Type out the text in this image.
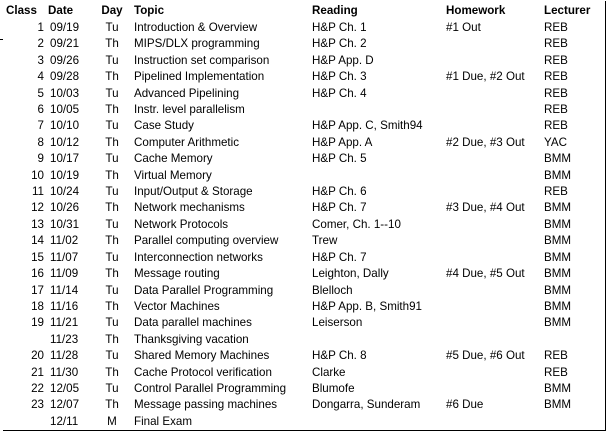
Class	Date	Day	Topic	Reading	Homework	Lecturer
1	09/19	Tu	Introduction & Overview	H&P Ch. 1	#1 Out	REB
2	09/21	Th	MIPS/DLX programming	H&P Ch. 2		REB
3	09/26	Tu	Instruction set comparison	H&P App. D		REB
4	09/28	Th	Pipelined Implementation	H&P Ch. 3	#1 Due, #2 Out	REB
5	10/03	Tu	Advanced Pipelining	H&P Ch. 4		REB
6	10/05	Th	Instr. level parallelism			REB
7	10/10	Tu	Case Study	H&P App. C, Smith94		REB
8	10/12	Th	Computer Arithmetic	H&P App. A	#2 Due, #3 Out	YAC
9	10/17	Tu	Cache Memory	H&P Ch. 5		BMM
10	10/19	Th	Virtual Memory			BMM
11	10/24	Tu	Input/Output & Storage	H&P Ch. 6		REB
12	10/26	Th	Network mechanisms	H&P Ch. 7	#3 Due, #4 Out	BMM
13	10/31	Tu	Network Protocols	Comer, Ch. 1--10		BMM
14	11/02	Th	Parallel computing overview	Trew		BMM
15	11/07	Tu	Interconnection networks	H&P Ch. 7		BMM
16	11/09	Th	Message routing	Leighton, Dally	#4 Due, #5 Out	BMM
17	11/14	Tu	Data Parallel Programming	Blelloch		BMM
18	11/16	Th	Vector Machines	H&P App. B, Smith91		BMM
19	11/21	Tu	Data parallel machines	Leiserson		BMM
	11/23	Th	Thanksgiving vacation			
20	11/28	Tu	Shared Memory Machines	H&P Ch. 8	#5 Due, #6 Out	REB
21	11/30	Th	Cache Protocol verification	Clarke		REB
22	12/05	Tu	Control Parallel Programming	Blumofe		BMM
23	12/07	Th	Message passing machines	Dongarra, Sunderam	#6 Due	BMM
	12/11	M	Final Exam			
